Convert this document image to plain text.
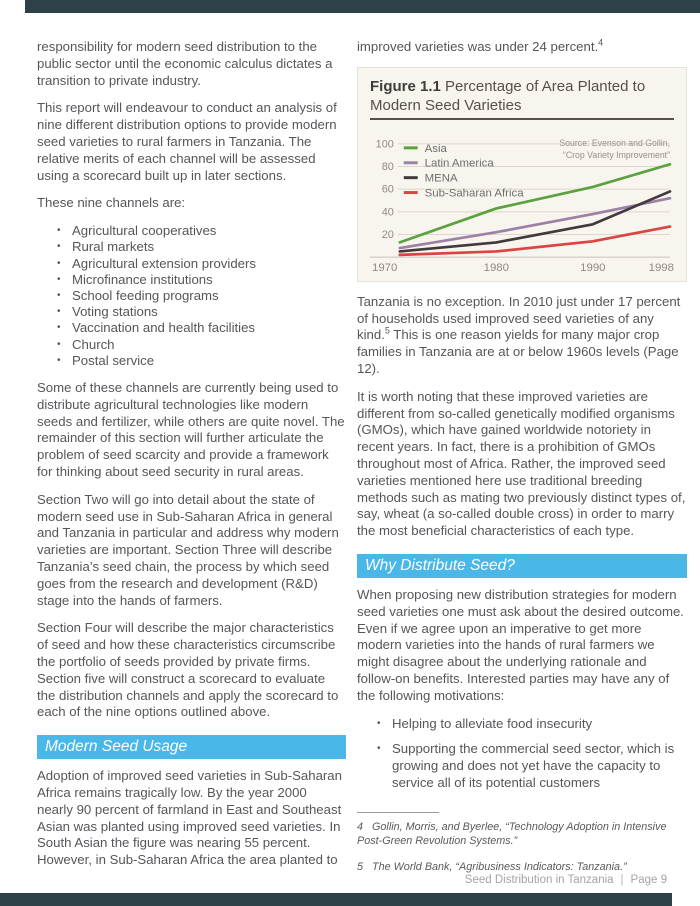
responsibility for modern seed distribution to the public sector until the economic calculus dictates a transition to private industry.

This report will endeavour to conduct an analysis of nine different distribution options to provide modern seed varieties to rural farmers in Tanzania. The relative merits of each channel will be assessed using a scorecard built up in later sections.

These nine channels are:

• Agricultural cooperatives
• Rural markets
• Agricultural extension providers
• Microfinance institutions
• School feeding programs
• Voting stations
• Vaccination and health facilities
• Church
• Postal service

Some of these channels are currently being used to distribute agricultural technologies like modern seeds and fertilizer, while others are quite novel. The remainder of this section will further articulate the problem of seed scarcity and provide a framework for thinking about seed security in rural areas.

Section Two will go into detail about the state of modern seed use in Sub-Saharan Africa in general and Tanzania in particular and address why modern varieties are important. Section Three will describe Tanzania’s seed chain, the process by which seed goes from the research and development (R&D) stage into the hands of farmers.

Section Four will describe the major characteristics of seed and how these characteristics circumscribe the portfolio of seeds provided by private firms. Section five will construct a scorecard to evaluate the distribution channels and apply the scorecard to each of the nine options outlined above.

Modern Seed Usage

Adoption of improved seed varieties in Sub-Saharan Africa remains tragically low. By the year 2000 nearly 90 percent of farmland in East and Southeast Asian was planted using improved seed varieties. In South Asian the figure was nearing 55 percent. However, in Sub-Saharan Africa the area planted to

improved varieties was under 24 percent.$^4$

Figure 1.1 Percentage of Area Planted to Modern Seed Varieties
20
40
60
80
100
1970	1980	1990	1998
Asia
Latin America
MENA
Sub-Saharan Africa
Source: Evenson and Gollin,
“Crop Variety Improvement”

Tanzania is no exception. In 2010 just under 17 percent of households used improved seed varieties of any kind.$^5$ This is one reason yields for many major crop families in Tanzania are at or below 1960s levels (Page 12).

It is worth noting that these improved varieties are different from so-called genetically modified organisms (GMOs), which have gained worldwide notoriety in recent years. In fact, there is a prohibition of GMOs throughout most of Africa. Rather, the improved seed varieties mentioned here use traditional breeding methods such as mating two previously distinct types of, say, wheat (a so-called double cross) in order to marry the most beneficial characteristics of each type.

Why Distribute Seed?

When proposing new distribution strategies for modern seed varieties one must ask about the desired outcome. Even if we agree upon an imperative to get more modern varieties into the hands of rural farmers we might disagree about the underlying rationale and follow-on benefits. Interested parties may have any of the following motivations:

• Helping to alleviate food insecurity
• Supporting the commercial seed sector, which is growing and does not yet have the capacity to service all of its potential customers

4 Gollin, Morris, and Byerlee, “Technology Adoption in Intensive Post-Green Revolution Systems.”

5 The World Bank, “Agribusiness Indicators: Tanzania.”

Seed Distribution in Tanzania | Page 9
